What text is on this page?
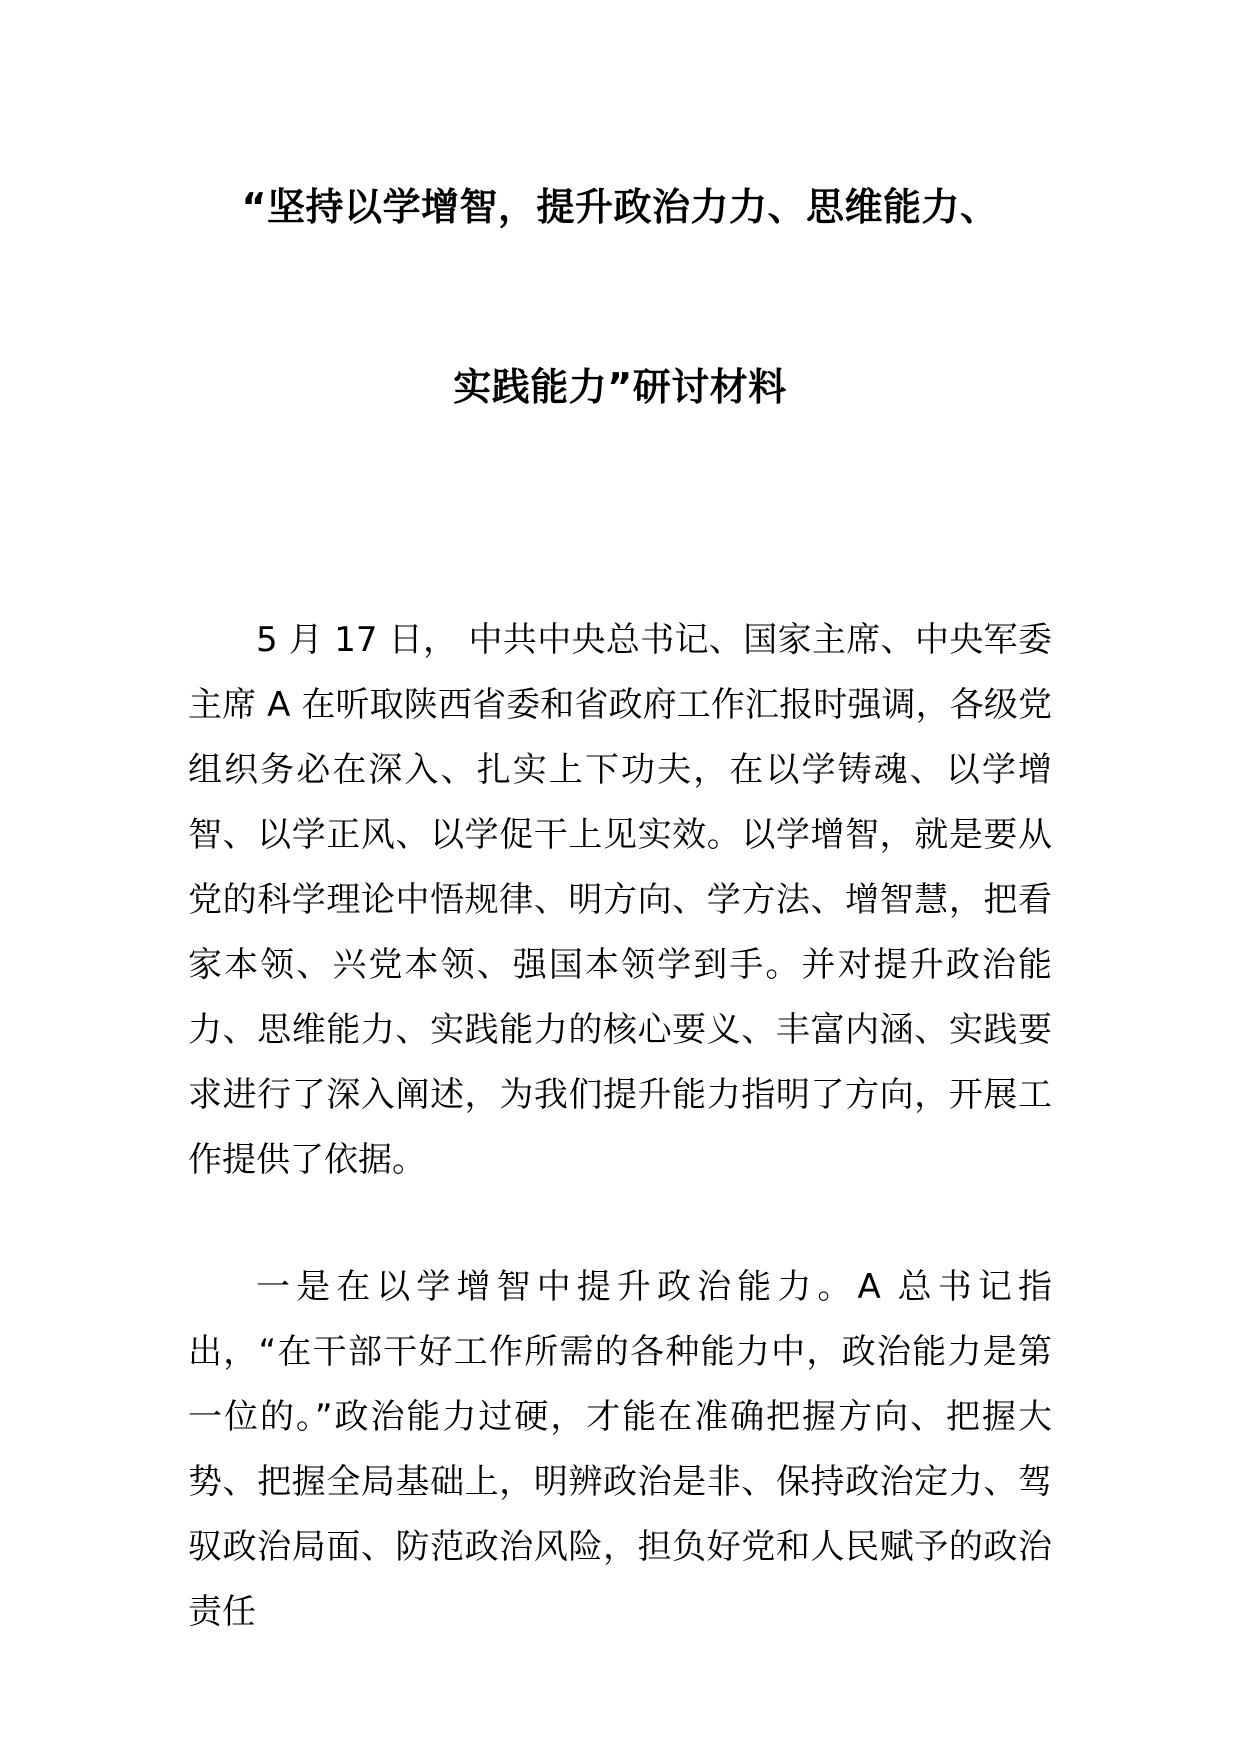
“坚持以学增智，提升政治力力、思维能力、
实践能力”研讨材料

5 月 17 日， 中共中央总书记、国家主席、中央军委主席 A 在听取陕西省委和省政府工作汇报时强调，各级党组织务必在深入、扎实上下功夫，在以学铸魂、以学增智、以学正风、以学促干上见实效。以学增智，就是要从党的科学理论中悟规律、明方向、学方法、增智慧，把看家本领、兴党本领、强国本领学到手。并对提升政治能力、思维能力、实践能力的核心要义、丰富内涵、实践要求进行了深入阐述，为我们提升能力指明了方向，开展工作提供了依据。

一是在以学增智中提升政治能力。A 总书记指出，“在干部干好工作所需的各种能力中，政治能力是第一位的。”政治能力过硬，才能在准确把握方向、把握大势、把握全局基础上，明辨政治是非、保持政治定力、驾驭政治局面、防范政治风险，担负好党和人民赋予的政治责任
